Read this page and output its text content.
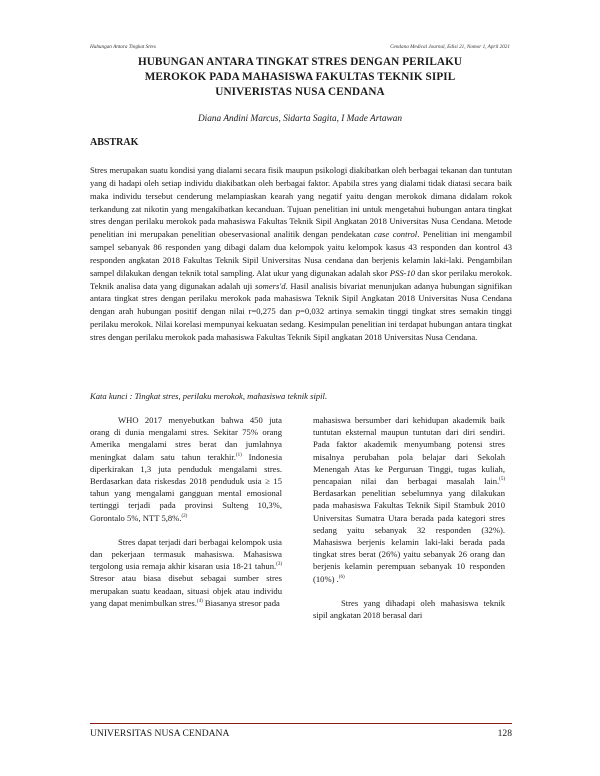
Hubungan Antara Tingkat Stres	Cendana Medical Journal, Edisi 21, Nomor 1, April 2021
HUBUNGAN ANTARA TINGKAT STRES DENGAN PERILAKU
MEROKOK PADA MAHASISWA FAKULTAS TEKNIK SIPIL
UNIVERISTAS NUSA CENDANA
Diana Andini Marcus, Sidarta Sagita, I Made Artawan
ABSTRAK

Stres merupakan suatu kondisi yang dialami secara fisik maupun psikologi diakibatkan oleh berbagai tekanan dan tuntutan yang di hadapi oleh setiap individu diakibatkan oleh berbagai faktor. Apabila stres yang dialami tidak diatasi secara baik maka individu tersebut cenderung melampiaskan kearah yang negatif yaitu dengan merokok dimana didalam rokok terkandung zat nikotin yang mengakibatkan kecanduan. Tujuan penelitian ini untuk mengetahui hubungan antara tingkat stres dengan perilaku merokok pada mahasiswa Fakultas Teknik Sipil Angkatan 2018 Universitas Nusa Cendana. Metode penelitian ini merupakan penelitian obeservasional analitik dengan pendekatan case control. Penelitian ini mengambil sampel sebanyak 86 responden yang dibagi dalam dua kelompok yaitu kelompok kasus 43 responden dan kontrol 43 responden angkatan 2018 Fakultas Teknik Sipil Universitas Nusa cendana dan berjenis kelamin laki-laki. Pengambilan sampel dilakukan dengan teknik total sampling. Alat ukur yang digunakan adalah skor PSS-10 dan skor perilaku merokok. Teknik analisa data yang digunakan adalah uji somers'd. Hasil analisis bivariat menunjukan adanya hubungan signifikan antara tingkat stres dengan perilaku merokok pada mahasiswa Teknik Sipil Angkatan 2018 Universitas Nusa Cendana dengan arah hubungan positif dengan nilai r=0,275 dan p=0,032 artinya semakin tinggi tingkat stres semakin tinggi perilaku merokok. Nilai korelasi mempunyai kekuatan sedang. Kesimpulan penelitian ini terdapat hubungan antara tingkat stres dengan perilaku merokok pada mahasiswa Fakultas Teknik Sipil angkatan 2018 Universitas Nusa Cendana.

Kata kunci : Tingkat stres, perilaku merokok, mahasiswa teknik sipil.

WHO 2017 menyebutkan bahwa 450 juta orang di dunia mengalami stres. Sekitar 75% orang Amerika mengalami stres berat dan jumlahnya meningkat dalam satu tahun terakhir.$^{(1)}$ Indonesia diperkirakan 1,3 juta penduduk mengalami stres. Berdasarkan data riskesdas 2018 penduduk usia ≥ 15 tahun yang mengalami gangguan mental emosional tertinggi terjadi pada provinsi Sulteng 10,3%, Gorontalo 5%, NTT 5,8%.$^{(2)}$

Stres dapat terjadi dari berbagai kelompok usia dan pekerjaan termasuk mahasiswa. Mahasiswa tergolong usia remaja akhir kisaran usia 18-21 tahun.$^{(3)}$ Stresor atau biasa disebut sebagai sumber stres merupakan suatu keadaan, situasi objek atau individu yang dapat menimbulkan stres.$^{(4)}$ Biasanya stresor pada

mahasiswa bersumber dari kehidupan akademik baik tuntutan eksternal maupun tuntutan dari diri sendiri. Pada faktor akademik menyumbang potensi stres misalnya perubahan pola belajar dari Sekolah Menengah Atas ke Perguruan Tinggi, tugas kuliah, pencapaian nilai dan berbagai masalah lain.$^{(5)}$ Berdasarkan penelitian sebelumnya yang dilakukan pada mahasiswa Fakultas Teknik Sipil Stambuk 2010 Universitas Sumatra Utara berada pada kategori stres sedang yaitu sebanyak 32 responden (32%). Mahasiswa berjenis kelamin laki-laki berada pada tingkat stres berat (26%) yaitu sebanyak 26 orang dan berjenis kelamin perempuan sebanyak 10 responden (10%) .$^{(6)}$

Stres yang dihadapi oleh mahasiswa teknik sipil angkatan 2018 berasal dari

UNIVERSITAS NUSA CENDANA	128
